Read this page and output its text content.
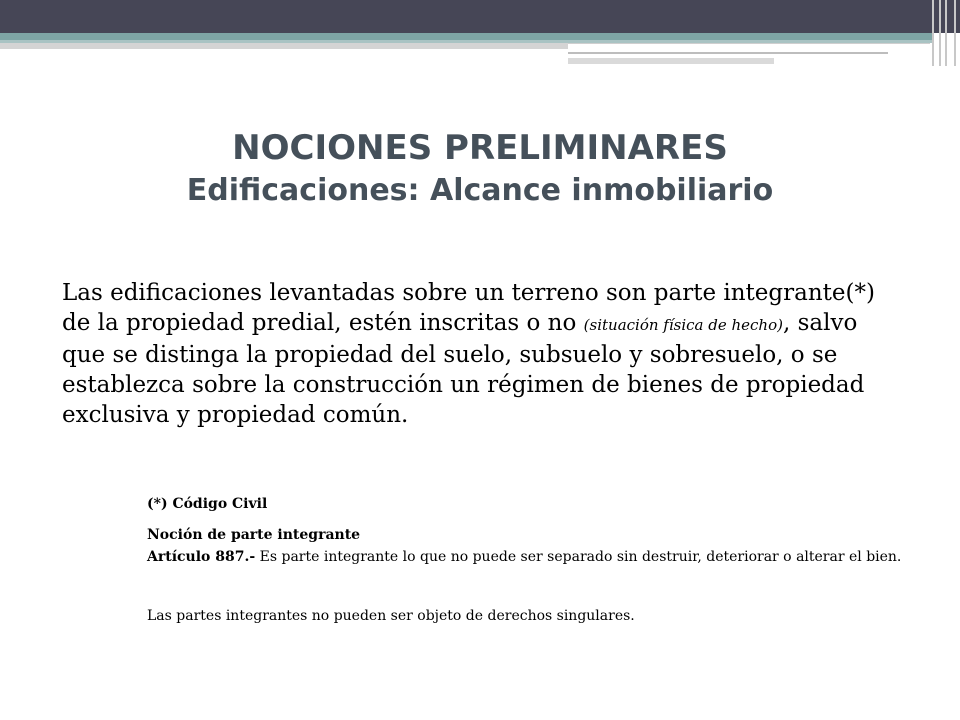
NOCIONES PRELIMINARES
Edificaciones: Alcance inmobiliario
Las edificaciones levantadas sobre un terreno son parte integrante(*) de la propiedad predial, estén inscritas o no (situación física de hecho), salvo que se distinga la propiedad del suelo, subsuelo y sobresuelo, o se establezca sobre la construcción un régimen de bienes de propiedad exclusiva y propiedad común.
(*) Código Civil
Noción de parte integrante
Artículo 887.- Es parte integrante lo que no puede ser separado sin destruir, deteriorar o alterar el bien.
Las partes integrantes no pueden ser objeto de derechos singulares.
